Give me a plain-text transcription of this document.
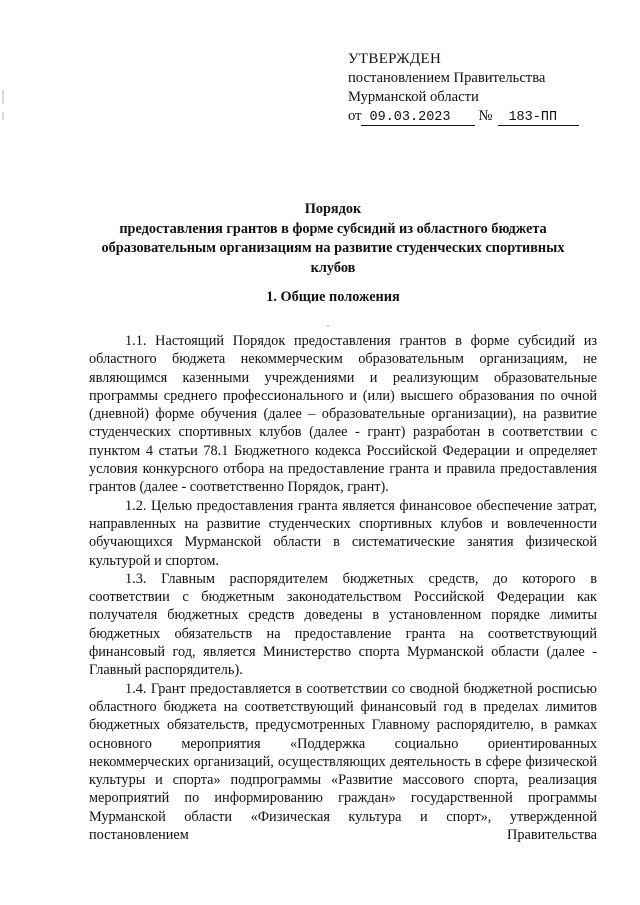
УТВЕРЖДЕН
постановлением Правительства
Мурманской области
от 09.03.2023 № 183-ПП
Порядок
предоставления грантов в форме субсидий из областного бюджета
образовательным организациям на развитие студенческих спортивных
клубов
1. Общие положения

1.1. Настоящий Порядок предоставления грантов в форме субсидий из областного бюджета некоммерческим образовательным организациям, не являющимся казенными учреждениями и реализующим образовательные программы среднего профессионального и (или) высшего образования по очной (дневной) форме обучения (далее – образовательные организации), на развитие студенческих спортивных клубов (далее - грант) разработан в соответствии с пунктом 4 статьи 78.1 Бюджетного кодекса Российской Федерации и определяет условия конкурсного отбора на предоставление гранта и правила предоставления грантов (далее - соответственно Порядок, грант).

1.2. Целью предоставления гранта является финансовое обеспечение затрат, направленных на развитие студенческих спортивных клубов и вовлеченности обучающихся Мурманской области в систематические занятия физической культурой и спортом.

1.3. Главным распорядителем бюджетных средств, до которого в соответствии с бюджетным законодательством Российской Федерации как получателя бюджетных средств доведены в установленном порядке лимиты бюджетных обязательств на предоставление гранта на соответствующий финансовый год, является Министерство спорта Мурманской области (далее - Главный распорядитель).

1.4. Грант предоставляется в соответствии со сводной бюджетной росписью областного бюджета на соответствующий финансовый год в пределах лимитов бюджетных обязательств, предусмотренных Главному распорядителю, в рамках основного мероприятия «Поддержка социально ориентированных некоммерческих организаций, осуществляющих деятельность в сфере физической культуры и спорта» подпрограммы «Развитие массового спорта, реализация мероприятий по информированию граждан» государственной программы Мурманской области «Физическая культура и спорт», утвержденной постановлением Правительства
